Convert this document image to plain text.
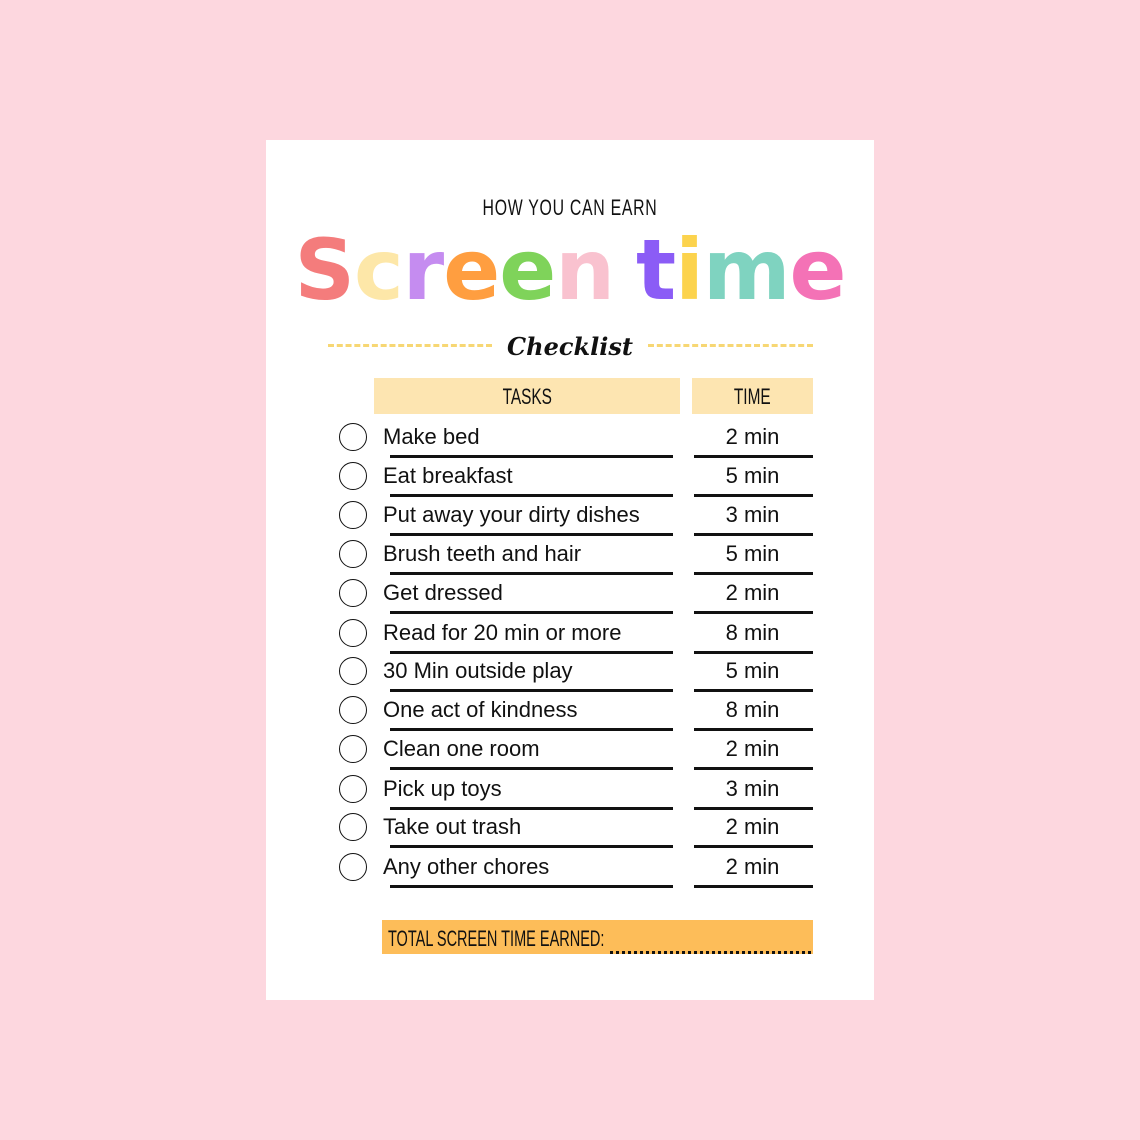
HOW YOU CAN EARN
Screen time
Checklist
TASKS	TIME
Make bed	2 min
Eat breakfast	5 min
Put away your dirty dishes	3 min
Brush teeth and hair	5 min
Get dressed	2 min
Read for 20 min or more	8 min
30 Min outside play	5 min
One act of kindness	8 min
Clean one room	2 min
Pick up toys	3 min
Take out trash	2 min
Any other chores	2 min
TOTAL SCREEN TIME EARNED:
